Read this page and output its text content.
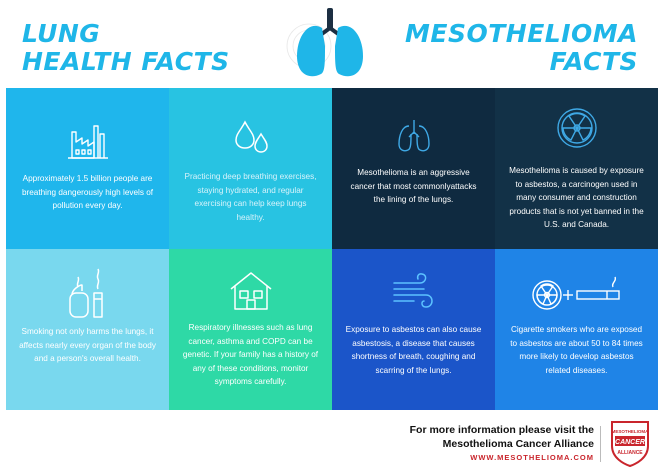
LUNG
HEALTH FACTS
MESOTHELIOMA
FACTS
Approximately 1.5 billion people are breathing dangerously high levels of pollution every day.
Practicing deep breathing exercises, staying hydrated, and regular exercising can help keep lungs healthy.
Mesothelioma is an aggressive cancer that most commonlyattacks the lining of the lungs.
Mesothelioma is caused by exposure to asbestos, a carcinogen used in many consumer and construction products that is not yet banned in the U.S. and Canada.
Smoking not only harms the lungs, it affects nearly every organ of the body and a person's overall health.
Respiratory illnesses such as lung cancer, asthma and COPD can be genetic. If your family has a history of any of these conditions, monitor symptoms carefully.
Exposure to asbestos can also cause asbestosis, a disease that causes shortness of breath, coughing and scarring of the lungs.
Cigarette smokers who are exposed to asbestos are about 50 to 84 times more likely to develop asbestos related diseases.
For more information please visit the
Mesothelioma Cancer Alliance
WWW.MESOTHELIOMA.COM
MESOTHELIOMA
CANCER
ALLIANCE
